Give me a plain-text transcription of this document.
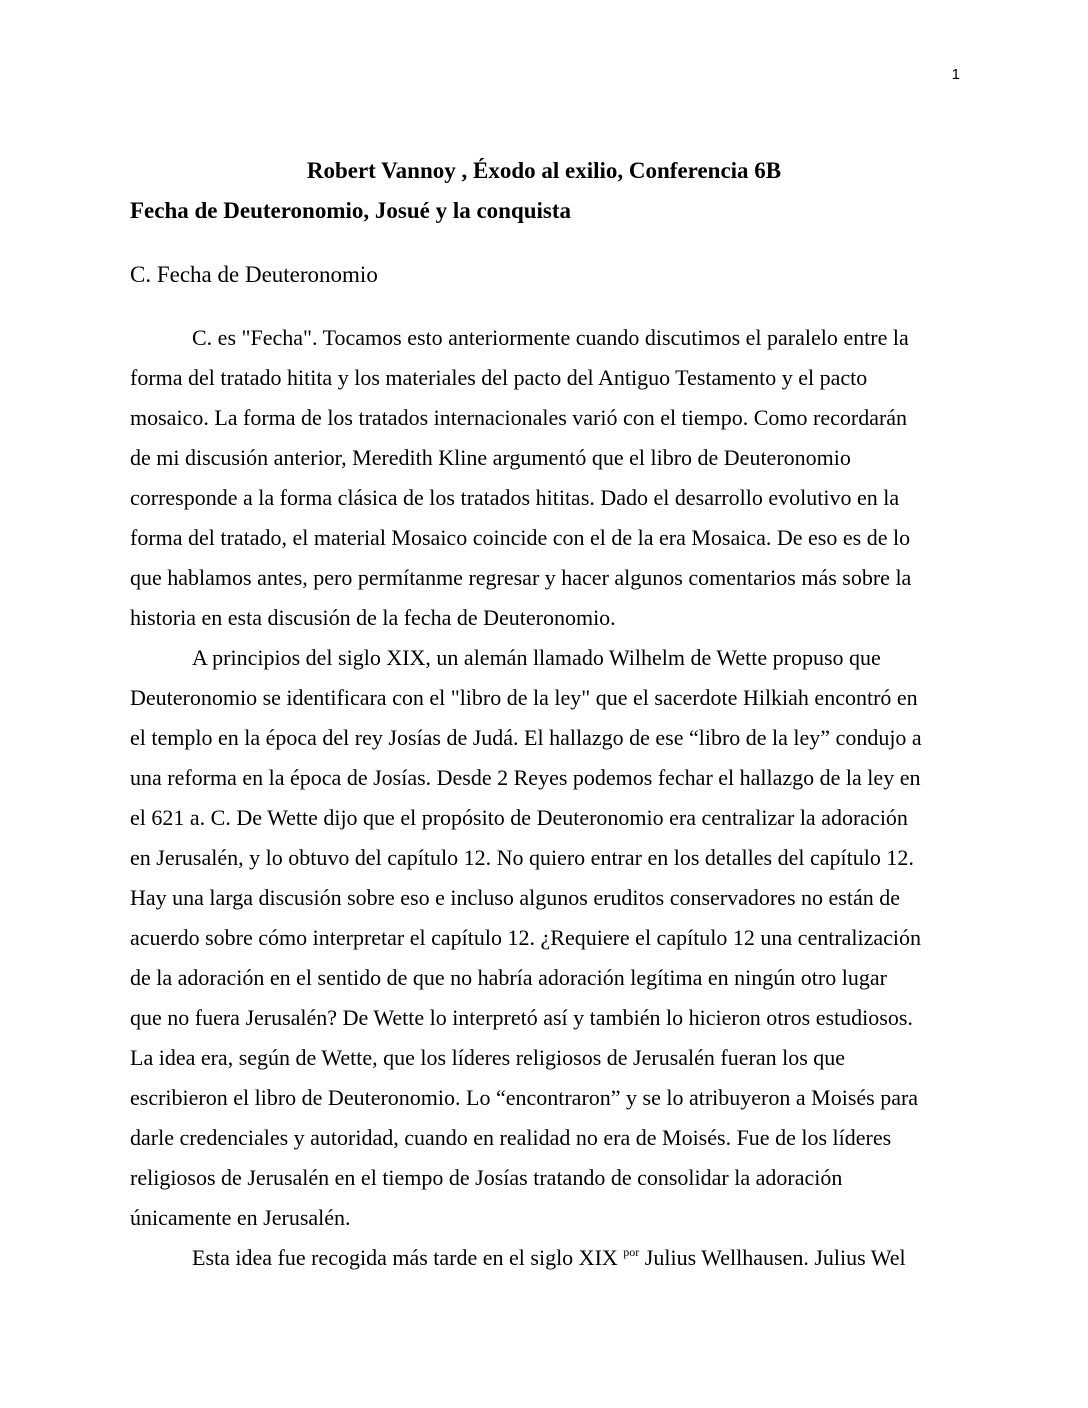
1
Robert Vannoy , Éxodo al exilio, Conferencia 6B
Fecha de Deuteronomio, Josué y la conquista
C. Fecha de Deuteronomio

C. es "Fecha". Tocamos esto anteriormente cuando discutimos el paralelo entre la
forma del tratado hitita y los materiales del pacto del Antiguo Testamento y el pacto
mosaico. La forma de los tratados internacionales varió con el tiempo. Como recordarán
de mi discusión anterior, Meredith Kline argumentó que el libro de Deuteronomio
corresponde a la forma clásica de los tratados hititas. Dado el desarrollo evolutivo en la
forma del tratado, el material Mosaico coincide con el de la era Mosaica. De eso es de lo
que hablamos antes, pero permítanme regresar y hacer algunos comentarios más sobre la
historia en esta discusión de la fecha de Deuteronomio.

A principios del siglo XIX, un alemán llamado Wilhelm de Wette propuso que
Deuteronomio se identificara con el "libro de la ley" que el sacerdote Hilkiah encontró en
el templo en la época del rey Josías de Judá. El hallazgo de ese “libro de la ley” condujo a
una reforma en la época de Josías. Desde 2 Reyes podemos fechar el hallazgo de la ley en
el 621 a. C. De Wette dijo que el propósito de Deuteronomio era centralizar la adoración
en Jerusalén, y lo obtuvo del capítulo 12. No quiero entrar en los detalles del capítulo 12.
Hay una larga discusión sobre eso e incluso algunos eruditos conservadores no están de
acuerdo sobre cómo interpretar el capítulo 12. ¿Requiere el capítulo 12 una centralización
de la adoración en el sentido de que no habría adoración legítima en ningún otro lugar
que no fuera Jerusalén? De Wette lo interpretó así y también lo hicieron otros estudiosos.
La idea era, según de Wette, que los líderes religiosos de Jerusalén fueran los que
escribieron el libro de Deuteronomio. Lo “encontraron” y se lo atribuyeron a Moisés para
darle credenciales y autoridad, cuando en realidad no era de Moisés. Fue de los líderes
religiosos de Jerusalén en el tiempo de Josías tratando de consolidar la adoración
únicamente en Jerusalén.

Esta idea fue recogida más tarde en el siglo XIX $^{por}$ Julius Wellhausen. Julius Wel
